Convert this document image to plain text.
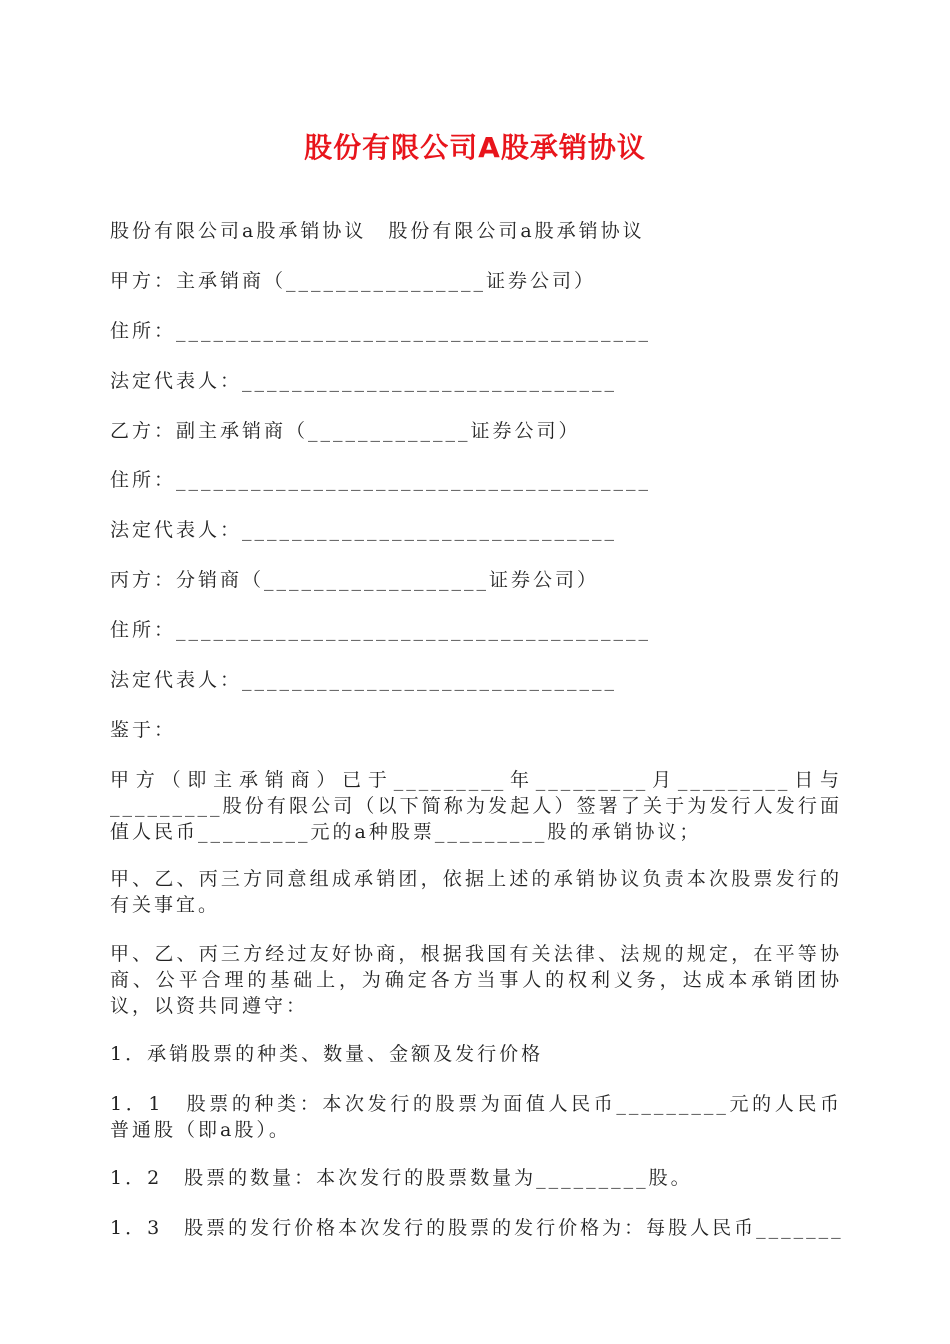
股份有限公司A股承销协议
股份有限公司a股承销协议　股份有限公司a股承销协议
甲方：主承销商（________________证券公司）
住所：______________________________________
法定代表人：______________________________
乙方：副主承销商（_____________证券公司）
住所：______________________________________
法定代表人：______________________________
丙方：分销商（__________________证券公司）
住所：______________________________________
法定代表人：______________________________
鉴于：
甲方（即主承销商）已于_________年_________月_________日与_________股份有限公司（以下简称为发起人）签署了关于为发行人发行面值人民币_________元的a种股票_________股的承销协议；
甲、乙、丙三方同意组成承销团，依据上述的承销协议负责本次股票发行的有关事宜。
甲、乙、丙三方经过友好协商，根据我国有关法律、法规的规定，在平等协商、公平合理的基础上，为确定各方当事人的权利义务，达成本承销团协议，以资共同遵守：
1．承销股票的种类、数量、金额及发行价格
1．1　股票的种类：本次发行的股票为面值人民币_________元的人民币普通股（即a股）。
1．2　股票的数量：本次发行的股票数量为_________股。
1．3　股票的发行价格本次发行的股票的发行价格为：每股人民币_______
